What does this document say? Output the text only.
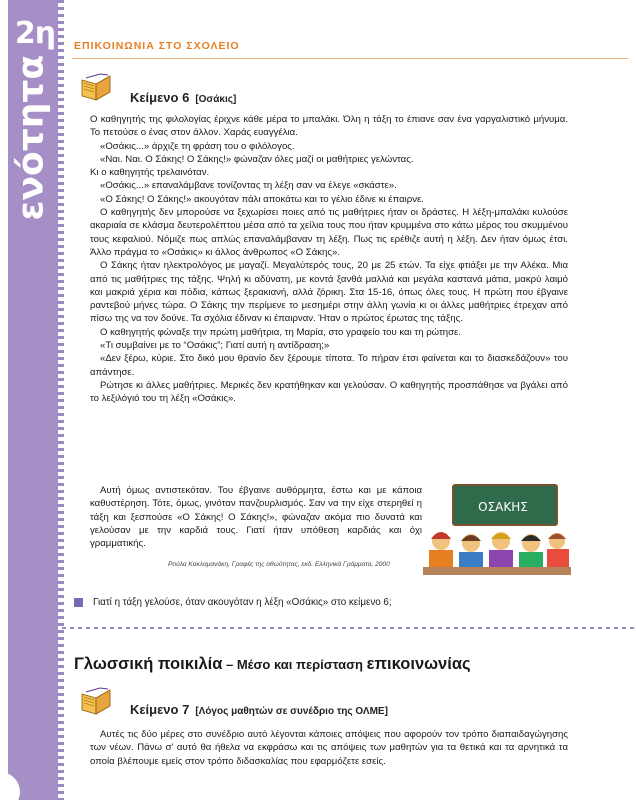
2η
ενότητα
ΕΠΙΚΟΙΝΩΝΙΑ ΣΤΟ ΣΧΟΛΕΙΟ
Κείμενο 6 [Οσάκις]

Ο καθηγητής της φιλολογίας έριχνε κάθε μέρα το μπαλάκι. Όλη η τάξη το έπιανε σαν ένα γαργαλιστικό μήνυμα. Το πετούσε ο ένας στον άλλον. Χαράς ευαγγέλια.

«Οσάκις...» άρχιζε τη φράση του ο φιλόλογος.

«Ναι. Ναι. Ο Σάκης! Ο Σάκης!» φώναζαν όλες μαζί οι μαθήτριες γελώντας.

Κι ο καθηγητής τρελαινόταν.

«Οσάκις...» επαναλάμβανε τονίζοντας τη λέξη σαν να έλεγε «σκάστε».

«Ο Σάκης! Ο Σάκης!» ακουγόταν πάλι αποκάτω και το γέλιο έδινε κι έπαιρνε.

Ο καθηγητής δεν μπορούσε να ξεχωρίσει ποιες από τις μαθήτριες ήταν οι δράστες. Η λέξη-μπαλάκι κυλούσε ακαριαία σε κλάσμα δευτερολέπτου μέσα από τα χείλια τους που ήταν κρυμμένα στο κάτω μέρος του σκυμμένου τους κεφαλιού. Νόμιζε πως απλώς επαναλάμβαναν τη λέξη. Πως τις ερέθιζε αυτή η λέξη. Δεν ήταν όμως έτσι. Άλλο πράγμα το «Οσάκις» κι άλλος άνθρωπος «Ο Σάκης».

Ο Σάκης ήταν ηλεκτρολόγος με μαγαζί. Μεγαλύτερός τους, 20 με 25 ετών. Τα είχε φτιάξει με την Αλέκα. Μια από τις μαθήτριες της τάξης. Ψηλή κι αδύνατη, με κοντά ξανθά μαλλιά και μεγάλα καστανά μάτια, μακρύ λαιμό και μακριά χέρια και πόδια, κάπως ξερακιανή, αλλά ζόρικη. Στα 15-16, όπως όλες τους. Η πρώτη που έβγαινε ραντεβού μήνες τώρα. Ο Σάκης την περίμενε το μεσημέρι στην άλλη γωνία κι οι άλλες μαθήτριες έτρεχαν από πίσω της να τον δούνε. Τα σχόλια έδιναν κι έπαιρναν. Ήταν ο πρώτος έρωτας της τάξης.

Ο καθηγητής φώναξε την πρώτη μαθήτρια, τη Μαρία, στο γραφείο του και τη ρώτησε.

«Τι συμβαίνει με το “Οσάκις”; Γιατί αυτή η αντίδραση;»

«Δεν ξέρω, κύριε. Στο δικό μου θρανίο δεν ξέρουμε τίποτα. Το πήραν έτσι φαίνεται και το διασκεδάζουν» του απάντησε.

Ρώτησε κι άλλες μαθήτριες. Μερικές δεν κρατήθηκαν και γελούσαν. Ο καθηγητής προσπάθησε να βγάλει από το λεξιλόγιό του τη λέξη «Οσάκις».

Αυτή όμως αντιστεκόταν. Του έβγαινε αυθόρμητα, έστω και με κάποια καθυστέρηση. Τότε, όμως, γινόταν πανζουρλισμός. Σαν να την είχε στερηθεί η τάξη και ξεσπούσε «Ο Σάκης! Ο Σάκης!», φώναζαν ακόμα πιο δυνατά και γελούσαν με την καρδιά τους. Γιατί ήταν υπόθεση καρδιάς και όχι γραμματικής.

Ρούλα Κακλαμανάκη, Γραφές της αθωότητας, εκδ. Ελληνικά Γράμματα, 2000
ΟΣΑΚΗΣ
Γιατί η τάξη γελούσε, όταν ακουγόταν η λέξη «Οσάκις» στο κείμενο 6;
Γλωσσική ποικιλία – Μέσο και περίσταση επικοινωνίας
Κείμενο 7 [Λόγος μαθητών σε συνέδριο της ΟΛΜΕ]

Αυτές τις δύο μέρες στο συνέδριο αυτό λέγονται κάποιες απόψεις που αφορούν τον τρόπο διαπαιδαγώγησης των νέων. Πάνω σ' αυτό θα ήθελα να εκφράσω και τις απόψεις των μαθητών για τα θετικά και τα αρνητικά τα οποία βλέπουμε εμείς στον τρόπο διδασκαλίας που εφαρμόζετε εσείς.
